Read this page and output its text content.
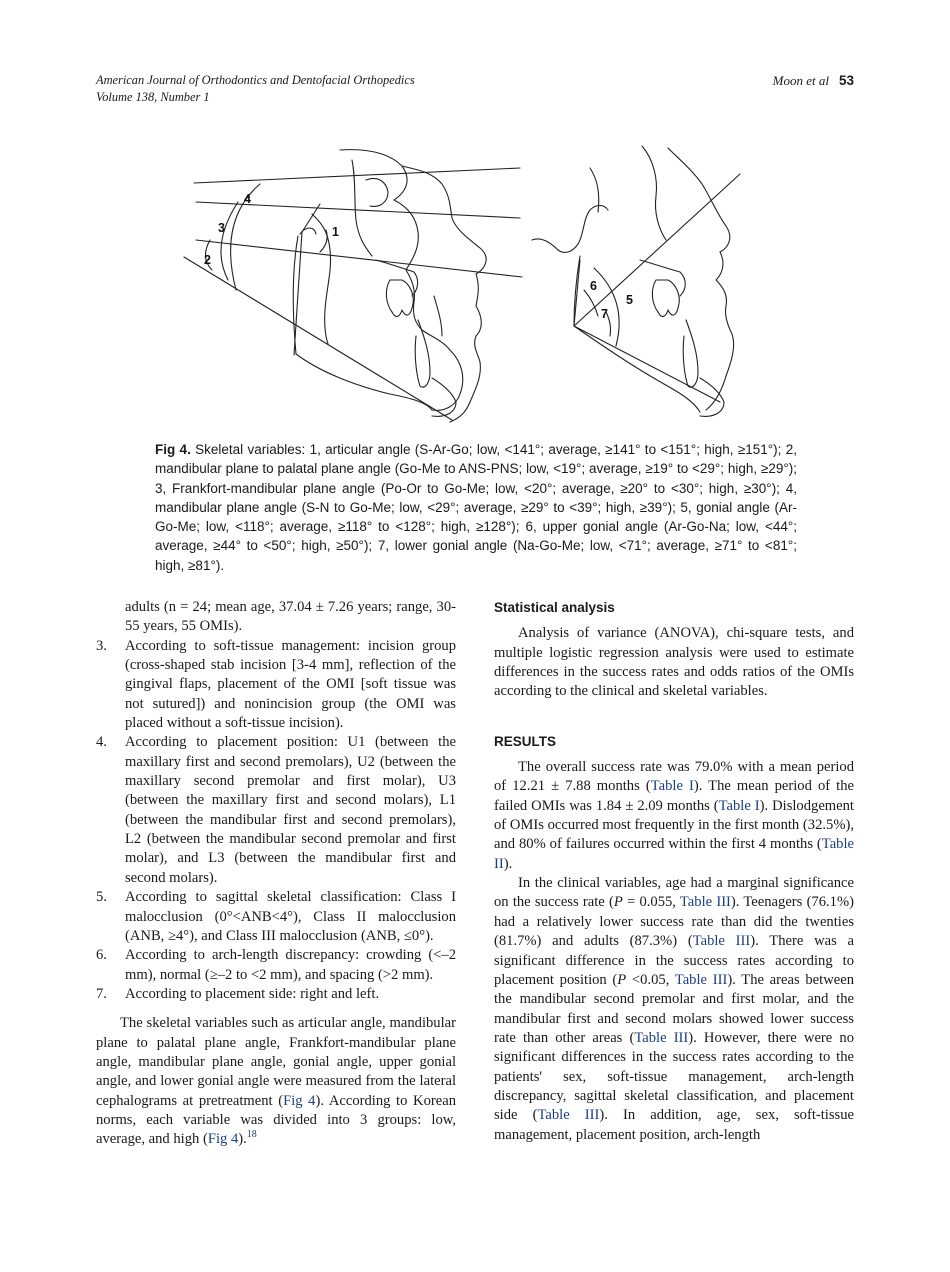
American Journal of Orthodontics and Dentofacial Orthopedics
Volume 138, Number 1
Moon et al 53
1
2
3
4
5
6
7
Fig 4. Skeletal variables: 1, articular angle (S-Ar-Go; low, <141°; average, ≥141° to <151°; high, ≥151°); 2, mandibular plane to palatal plane angle (Go-Me to ANS-PNS; low, <19°; average, ≥19° to <29°; high, ≥29°); 3, Frankfort-mandibular plane angle (Po-Or to Go-Me; low, <20°; average, ≥20° to <30°; high, ≥30°); 4, mandibular plane angle (S-N to Go-Me; low, <29°; average, ≥29° to <39°; high, ≥39°); 5, gonial angle (Ar-Go-Me; low, <118°; average, ≥118° to <128°; high, ≥128°); 6, upper gonial angle (Ar-Go-Na; low, <44°; average, ≥44° to <50°; high, ≥50°); 7, lower gonial angle (Na-Go-Me; low, <71°; average, ≥71° to <81°; high, ≥81°).

adults (n = 24; mean age, 37.04 ± 7.26 years; range, 30-55 years, 55 OMIs).

3.	According to soft-tissue management: incision group (cross-shaped stab incision [3-4 mm], reflection of the gingival flaps, placement of the OMI [soft tissue was not sutured]) and nonincision group (the OMI was placed without a soft-tissue incision).
4.	According to placement position: U1 (between the maxillary first and second premolars), U2 (between the maxillary second premolar and first molar), U3 (between the maxillary first and second molars), L1 (between the mandibular first and second premolars), L2 (between the mandibular second premolar and first molar), and L3 (between the mandibular first and second molars).
5.	According to sagittal skeletal classification: Class I malocclusion (0°<ANB<4°), Class II malocclusion (ANB, ≥4°), and Class III malocclusion (ANB, ≤0°).
6.	According to arch-length discrepancy: crowding (<–2 mm), normal (≥–2 to <2 mm), and spacing (>2 mm).
7.	According to placement side: right and left.

The skeletal variables such as articular angle, mandibular plane to palatal plane angle, Frankfort-mandibular plane angle, mandibular plane angle, gonial angle, upper gonial angle, and lower gonial angle were measured from the lateral cephalograms at pretreatment (Fig 4). According to Korean norms, each variable was divided into 3 groups: low, average, and high (Fig 4).$^{18}$

Statistical analysis

Analysis of variance (ANOVA), chi-square tests, and multiple logistic regression analysis were used to estimate differences in the success rates and odds ratios of the OMIs according to the clinical and skeletal variables.

RESULTS

The overall success rate was 79.0% with a mean period of 12.21 ± 7.88 months (Table I). The mean period of the failed OMIs was 1.84 ± 2.09 months (Table I). Dislodgement of OMIs occurred most frequently in the first month (32.5%), and 80% of failures occurred within the first 4 months (Table II).

In the clinical variables, age had a marginal significance on the success rate (P = 0.055, Table III). Teenagers (76.1%) had a relatively lower success rate than did the twenties (81.7%) and adults (87.3%) (Table III). There was a significant difference in the success rates according to placement position (P <0.05, Table III). The areas between the mandibular second premolar and first molar, and the mandibular first and second molars showed lower success rate than other areas (Table III). However, there were no significant differences in the success rates according to the patients' sex, soft-tissue management, arch-length discrepancy, sagittal skeletal classification, and placement side (Table III). In addition, age, sex, soft-tissue management, placement position, arch-length
